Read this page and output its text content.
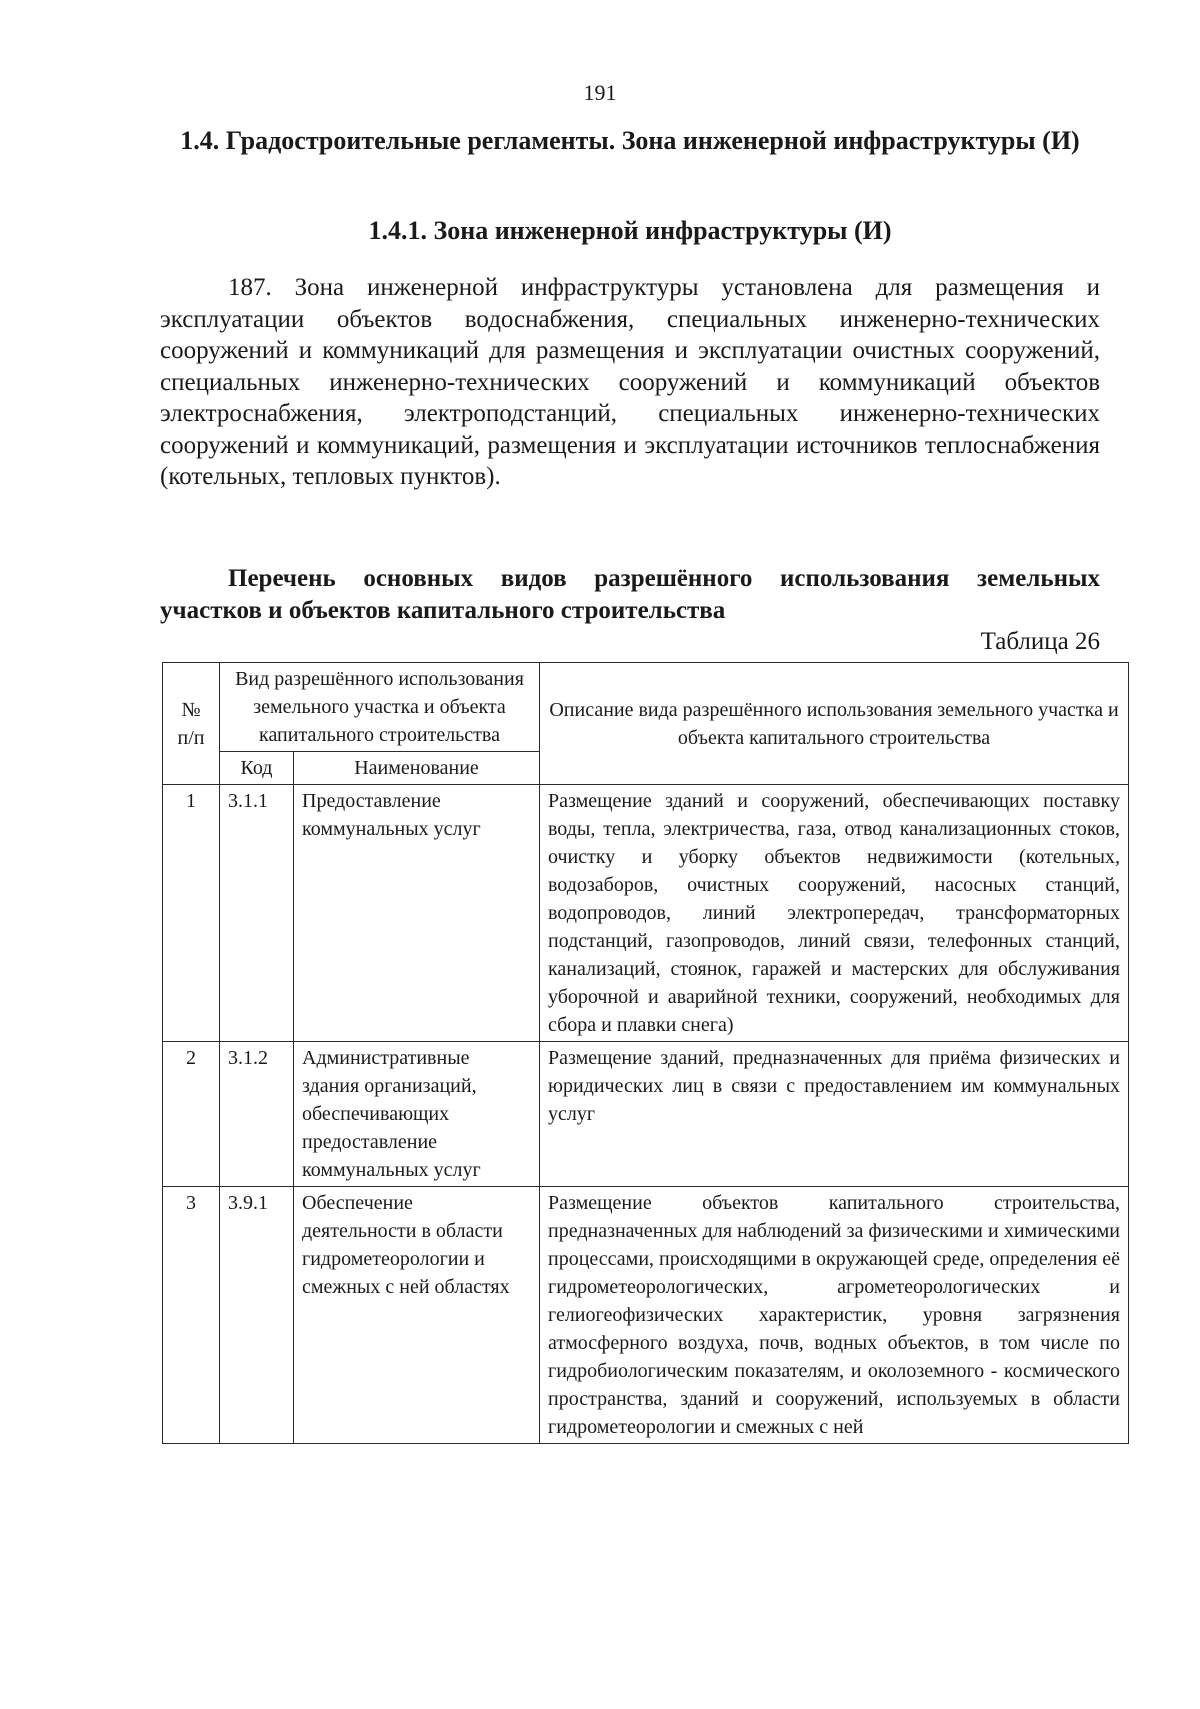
191
1.4. Градостроительные регламенты. Зона инженерной инфраструктуры (И)
1.4.1. Зона инженерной инфраструктуры (И)
187. Зона инженерной инфраструктуры установлена для размещения и эксплуатации объектов водоснабжения, специальных инженерно-технических сооружений и коммуникаций для размещения и эксплуатации очистных сооружений, специальных инженерно-технических сооружений и коммуникаций объектов электроснабжения, электроподстанций, специальных инженерно-технических сооружений и коммуникаций, размещения и эксплуатации источников теплоснабжения (котельных, тепловых пунктов).
Перечень основных видов разрешённого использования земельных участков и объектов капитального строительства
Таблица 26
№ п/п	Вид разрешённого использования земельного участка и объекта капитального строительства		Описание вида разрешённого использования земельного участка и объекта капитального строительства
	Код	Наименование	
1	3.1.1	Предоставление коммунальных услуг	Размещение зданий и сооружений, обеспечивающих поставку воды, тепла, электричества, газа, отвод канализационных стоков, очистку и уборку объектов недвижимости (котельных, водозаборов, очистных сооружений, насосных станций, водопроводов, линий электропередач, трансформаторных подстанций, газопроводов, линий связи, телефонных станций, канализаций, стоянок, гаражей и мастерских для обслуживания уборочной и аварийной техники, сооружений, необходимых для сбора и плавки снега)
2	3.1.2	Административные здания организаций, обеспечивающих предоставление коммунальных услуг	Размещение зданий, предназначенных для приёма физических и юридических лиц в связи с предоставлением им коммунальных услуг
3	3.9.1	Обеспечение деятельности в области гидрометеорологии и смежных с ней областях	Размещение объектов капитального строительства, предназначенных для наблюдений за физическими и химическими процессами, происходящими в окружающей среде, определения её гидрометеорологических, агрометеорологических и гелиогеофизических характеристик, уровня загрязнения атмосферного воздуха, почв, водных объектов, в том числе по гидробиологическим показателям, и околоземного - космического пространства, зданий и сооружений, используемых в области гидрометеорологии и смежных с ней
